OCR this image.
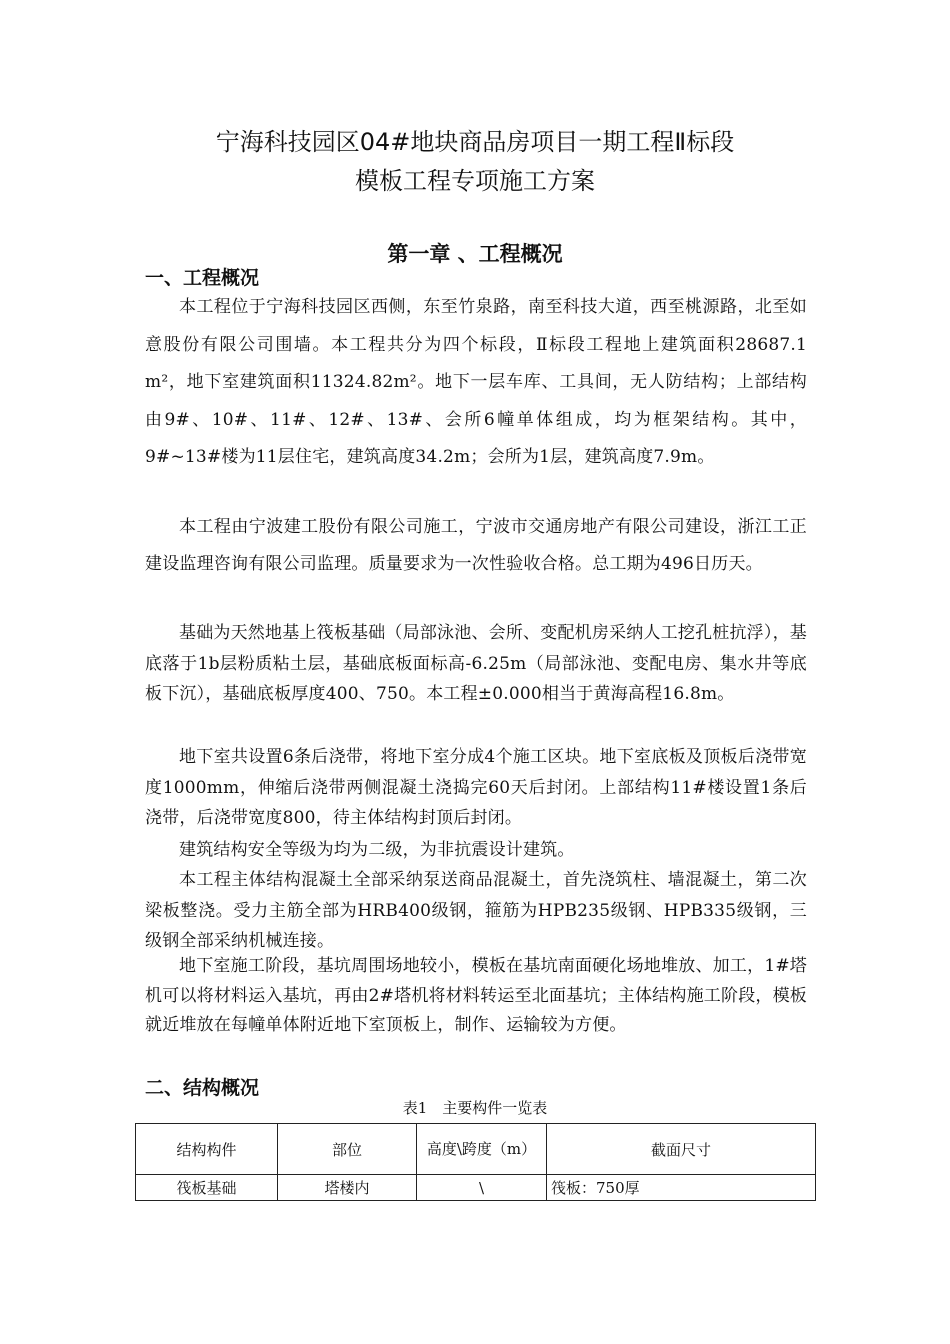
宁海科技园区04#地块商品房项目一期工程Ⅱ标段
模板工程专项施工方案
第一章 、工程概况
一、工程概况

本工程位于宁海科技园区西侧，东至竹泉路，南至科技大道，西至桃源路，北至如意股份有限公司围墙。本工程共分为四个标段，Ⅱ标段工程地上建筑面积28687.1 m²，地下室建筑面积11324.82m²。地下一层车库、工具间，无人防结构；上部结构由9#、10#、11#、12#、13#、会所6幢单体组成，均为框架结构。其中，9#~13#楼为11层住宅，建筑高度34.2m；会所为1层，建筑高度7.9m。

本工程由宁波建工股份有限公司施工，宁波市交通房地产有限公司建设，浙江工正建设监理咨询有限公司监理。质量要求为一次性验收合格。总工期为496日历天。

基础为天然地基上筏板基础（局部泳池、会所、变配机房采纳人工挖孔桩抗浮），基底落于1b层粉质粘土层，基础底板面标高-6.25m（局部泳池、变配电房、集水井等底板下沉），基础底板厚度400、750。本工程±0.000相当于黄海高程16.8m。

地下室共设置6条后浇带，将地下室分成4个施工区块。地下室底板及顶板后浇带宽度1000mm，伸缩后浇带两侧混凝土浇捣完60天后封闭。上部结构11#楼设置1条后浇带，后浇带宽度800，待主体结构封顶后封闭。

建筑结构安全等级为均为二级，为非抗震设计建筑。

本工程主体结构混凝土全部采纳泵送商品混凝土，首先浇筑柱、墙混凝土，第二次梁板整浇。受力主筋全部为HRB400级钢，箍筋为HPB235级钢、HPB335级钢，三级钢全部采纳机械连接。

地下室施工阶段，基坑周围场地较小，模板在基坑南面硬化场地堆放、加工，1#塔机可以将材料运入基坑，再由2#塔机将材料转运至北面基坑；主体结构施工阶段，模板就近堆放在每幢单体附近地下室顶板上，制作、运输较为方便。

二、结构概况
表1　主要构件一览表
结构构件	部位	高度\跨度（m）	截面尺寸
筏板基础	塔楼内	\	筏板：750厚
